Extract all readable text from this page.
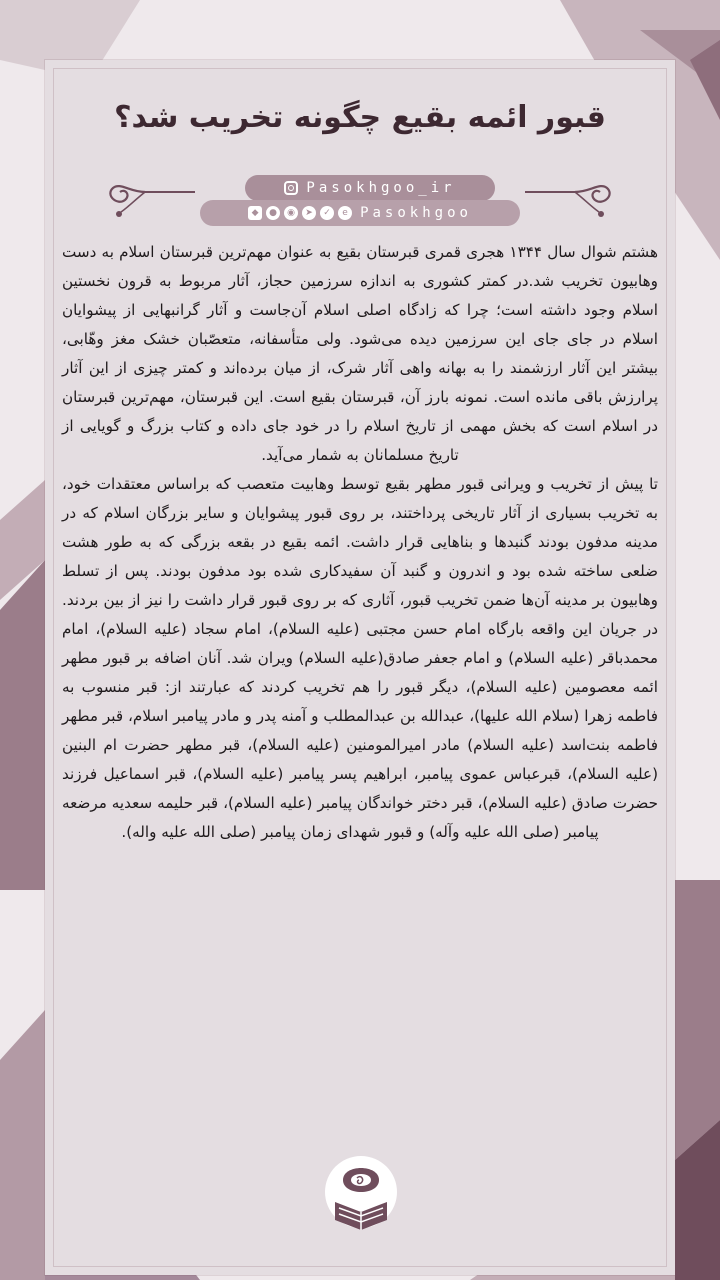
قبور ائمه بقیع چگونه تخریب شد؟
Pasokhgoo_ir
◆	●	◉	➤	✓	e Pasokhgoo

هشتم شوال سال ۱۳۴۴ هجری قمری قبرستان بقیع به عنوان مهم‌ترین قبرستان اسلام به دست وهابیون تخریب شد.در کمتر کشوری به اندازه سرزمین حجاز، آثار مربوط به قرون نخستین اسلام وجود داشته است؛ چرا که زادگاه اصلی اسلام آن‌جاست و آثار گرانبهایی از پیشوایان اسلام در جای جای این سرزمین دیده می‌شود. ولی متأسفانه، متعصّبان خشک مغز وهّابی، بیشتر این آثار ارزشمند را به بهانه واهی آثار شرک، از میان برده‌اند و کمتر چیزی از این آثار پرارزش باقی مانده است. نمونه بارز آن، قبرستان بقیع است. این قبرستان، مهم‌ترین قبرستان در اسلام است که بخش مهمی از تاریخ اسلام را در خود جای داده و کتاب بزرگ و گویایی از تاریخ مسلمانان به شمار می‌آید.

تا پیش از تخریب و ویرانی قبور مطهر بقیع توسط وهابیت متعصب که براساس معتقدات خود، به تخریب بسیاری از آثار تاریخی پرداختند، بر روی قبور پیشوایان و سایر بزرگان اسلام که در مدینه مدفون بودند گنبدها و بناهایی قرار داشت. ائمه بقیع در بقعه بزرگی که به طور هشت ضلعی ساخته شده بود و اندرون و گنبد آن سفیدکاری شده بود مدفون بودند. پس از تسلط وهابیون بر مدینه آن‌ها ضمن تخریب قبور، آثاری که بر روی قبور قرار داشت را نیز از بین بردند. در جریان این واقعه بارگاه امام حسن مجتبی (علیه السلام)، امام سجاد (علیه السلام)، امام محمدباقر (علیه السلام) و امام جعفر صادق(علیه السلام) ویران شد. آنان اضافه بر قبور مطهر ائمه معصومین (علیه السلام)، دیگر قبور را هم تخریب کردند که عبارتند از: قبر منسوب به فاطمه زهرا (سلام الله علیها)، عبدالله بن عبدالمطلب و آمنه پدر و مادر پیامبر اسلام، قبر مطهر فاطمه بنت‌اسد (علیه السلام) مادر امیرالمومنین (علیه السلام)، قبر مطهر حضرت ام البنین (علیه السلام)، قبرعباس عموی پیامبر، ابراهیم پسر پیامبر (علیه السلام)، قبر اسماعیل فرزند حضرت صادق (علیه السلام)، قبر دختر خواندگان پیامبر (علیه السلام)، قبر حلیمه سعدیه مرضعه پیامبر (صلی الله علیه وآله) و قبور شهدای زمان پیامبر (صلی الله علیه واله).
